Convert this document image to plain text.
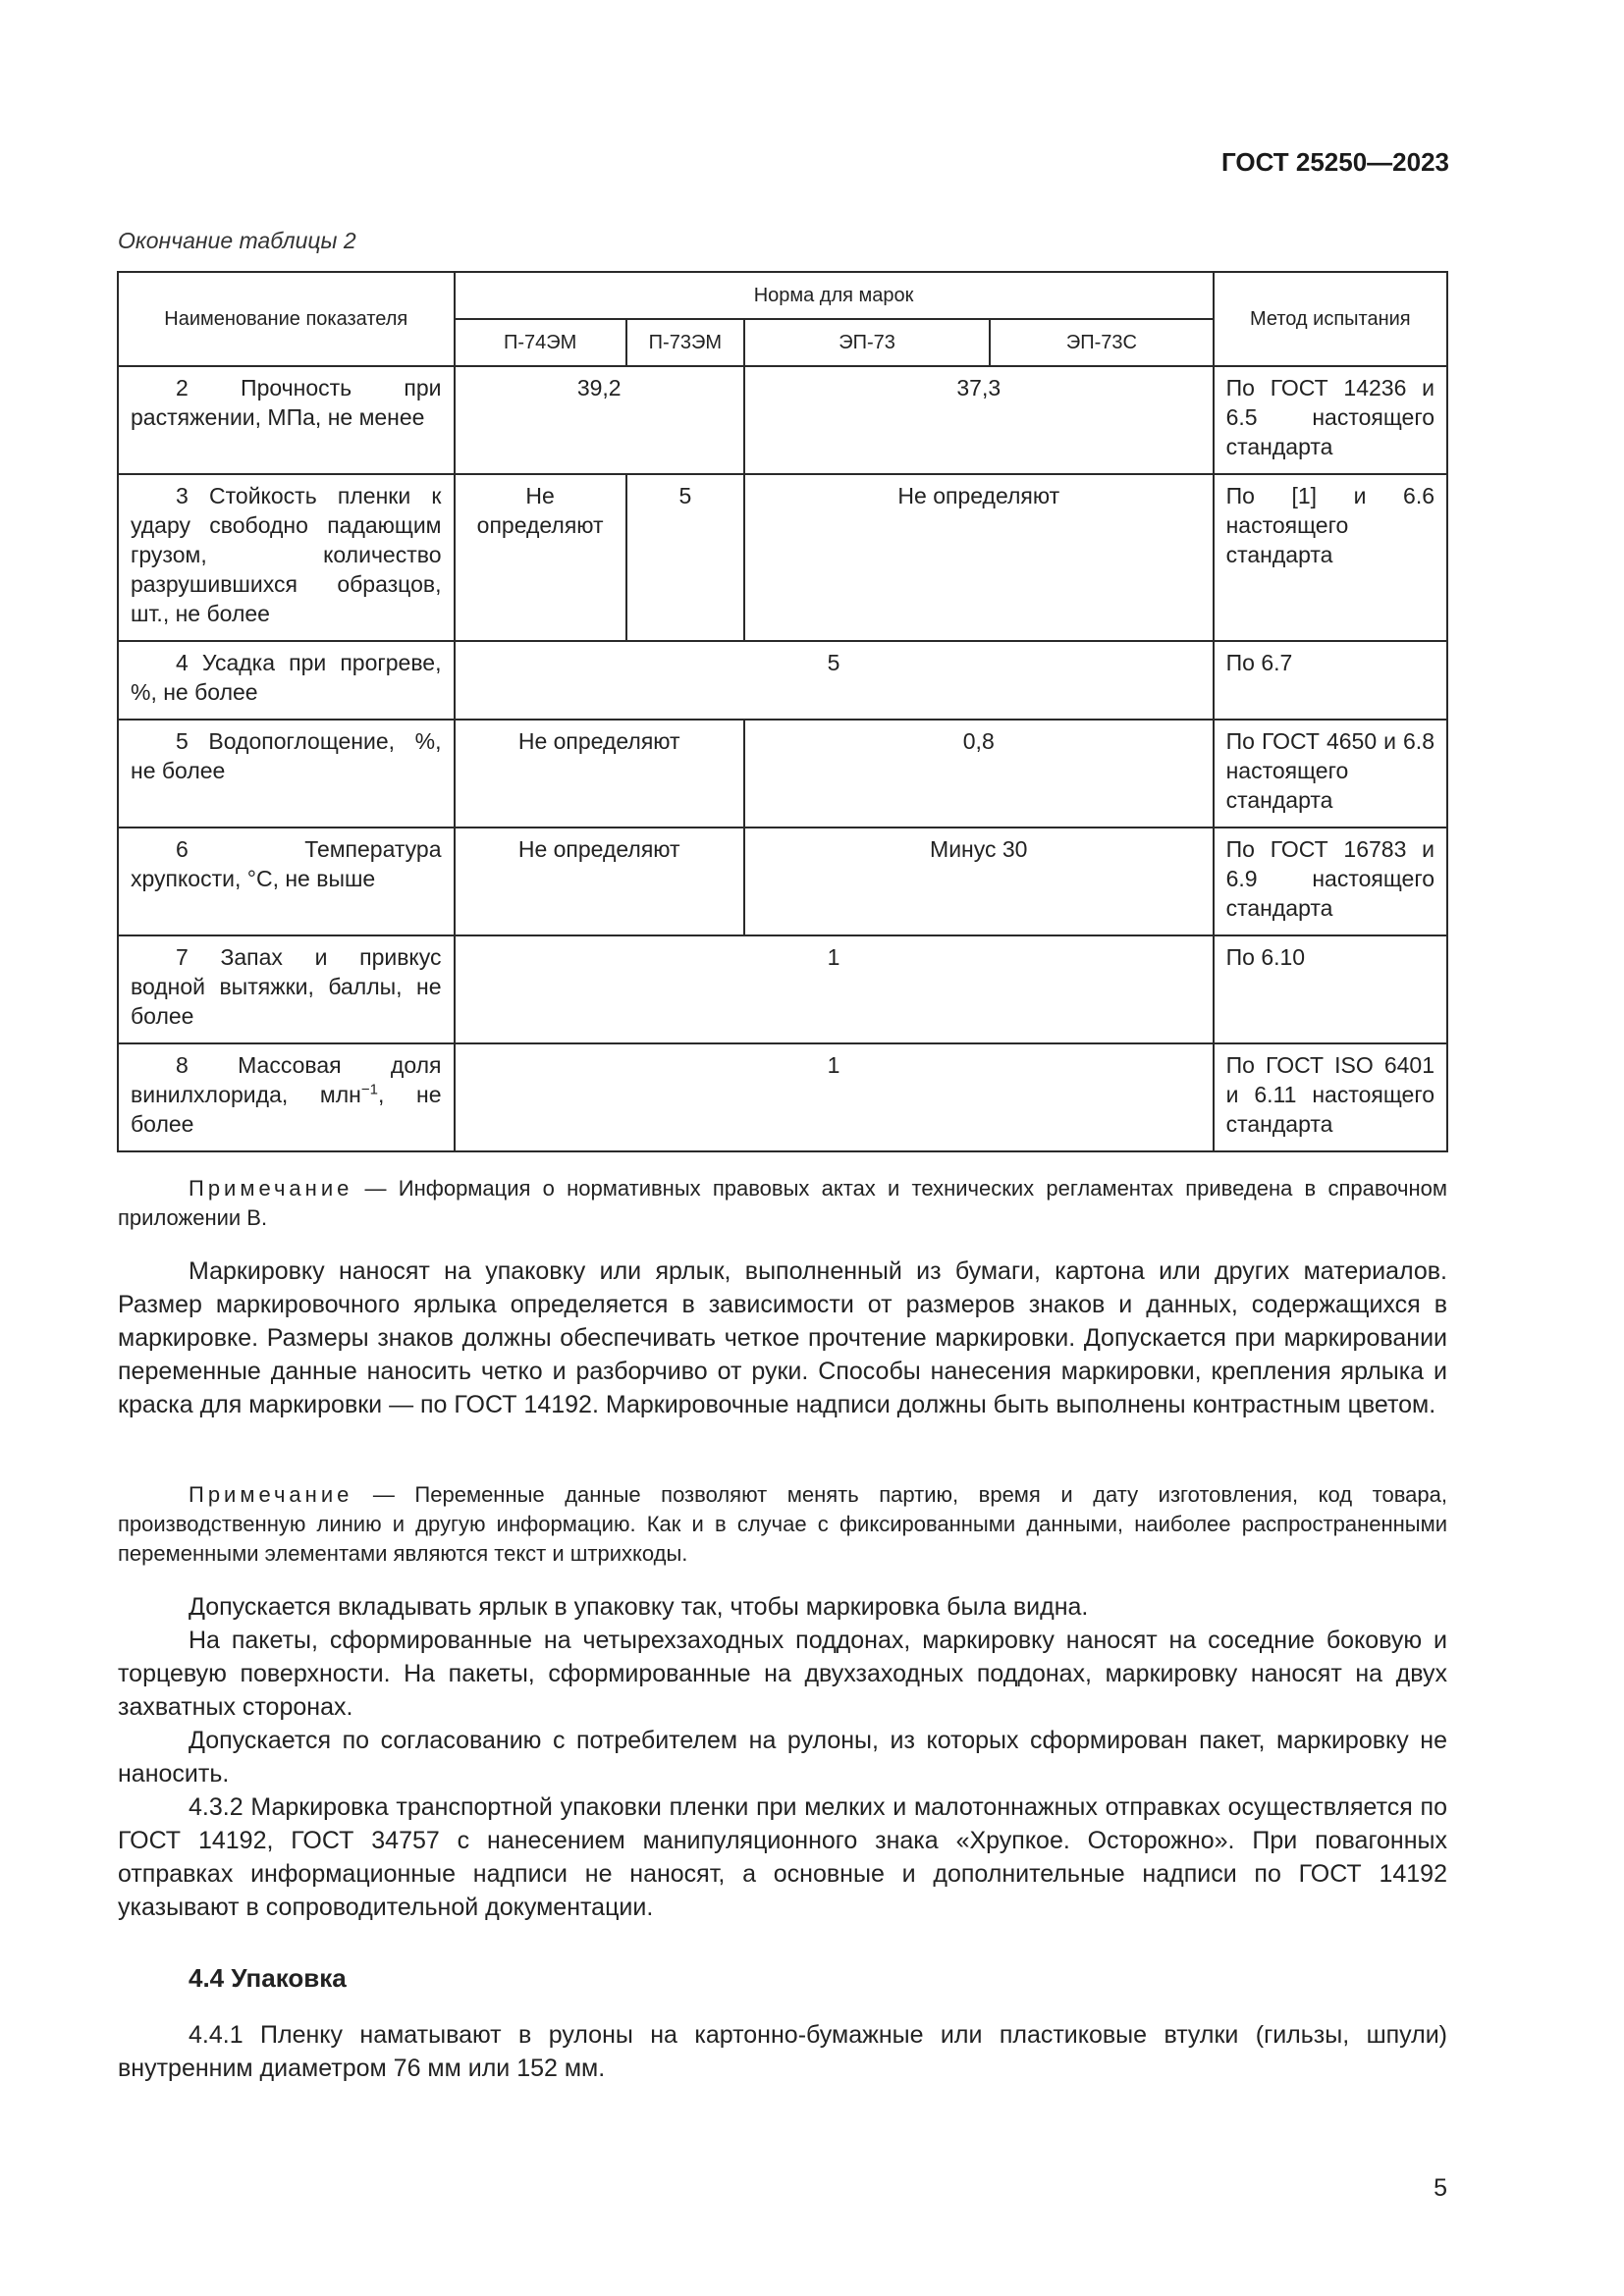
ГОСТ 25250—2023
Окончание таблицы 2
Наименование показателя	Норма для марок				Метод испытания
	П-74ЭМ	П-73ЭМ	ЭП-73	ЭП-73С	
2 Прочность при растяжении, МПа, не менее	39,2		37,3		По ГОСТ 14236 и 6.5 настоящего стандарта
3 Стойкость пленки к удару свободно падающим грузом, количество разрушившихся образцов, шт., не более	Не определяют	5	Не определяют		По [1] и 6.6 настоящего стандарта
4 Усадка при прогреве, %, не более	5				По 6.7
5 Водопоглощение, %, не более	Не определяют		0,8		По ГОСТ 4650 и 6.8 настоящего стандарта
6 Температура хрупкости, °C, не выше	Не определяют		Минус 30		По ГОСТ 16783 и 6.9 настоящего стандарта
7 Запах и привкус водной вытяжки, баллы, не более	1				По 6.10
8 Массовая доля винилхлорида, млн$^{-1}$, не более	1				По ГОСТ ISO 6401 и 6.11 настоящего стандарта

Примечание — Информация о нормативных правовых актах и технических регламентах приведена в справочном приложении В.

Маркировку наносят на упаковку или ярлык, выполненный из бумаги, картона или других материалов. Размер маркировочного ярлыка определяется в зависимости от размеров знаков и данных, содержащихся в маркировке. Размеры знаков должны обеспечивать четкое прочтение маркировки. Допускается при маркировании переменные данные наносить четко и разборчиво от руки. Способы нанесения маркировки, крепления ярлыка и краска для маркировки — по ГОСТ 14192. Маркировочные надписи должны быть выполнены контрастным цветом.

Примечание — Переменные данные позволяют менять партию, время и дату изготовления, код товара, производственную линию и другую информацию. Как и в случае с фиксированными данными, наиболее распространенными переменными элементами являются текст и штрихкоды.

Допускается вкладывать ярлык в упаковку так, чтобы маркировка была видна.

На пакеты, сформированные на четырехзаходных поддонах, маркировку наносят на соседние боковую и торцевую поверхности. На пакеты, сформированные на двухзаходных поддонах, маркировку наносят на двух захватных сторонах.

Допускается по согласованию с потребителем на рулоны, из которых сформирован пакет, маркировку не наносить.

4.3.2 Маркировка транспортной упаковки пленки при мелких и малотоннажных отправках осуществляется по ГОСТ 14192, ГОСТ 34757 с нанесением манипуляционного знака «Хрупкое. Осторожно». При повагонных отправках информационные надписи не наносят, а основные и дополнительные надписи по ГОСТ 14192 указывают в сопроводительной документации.

4.4 Упаковка

4.4.1 Пленку наматывают в рулоны на картонно-бумажные или пластиковые втулки (гильзы, шпули) внутренним диаметром 76 мм или 152 мм.

5
